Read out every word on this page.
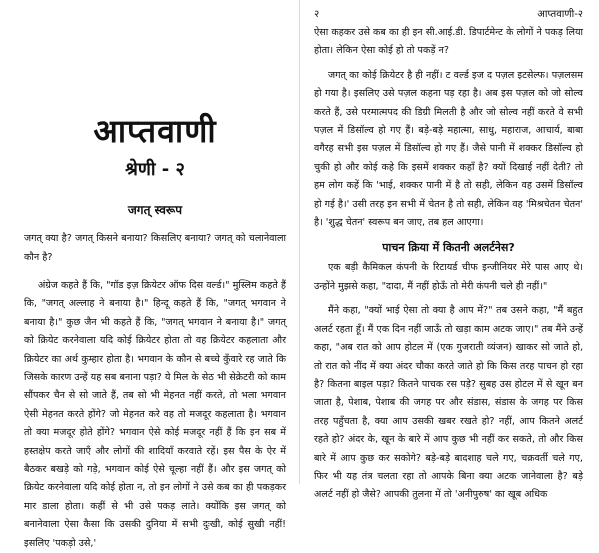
आप्तवाणी
श्रेणी - २
जगत् स्वरूप

जगत् क्या है? जगत् किसने बनाया? किसलिए बनाया? जगत् को चलानेवाला कौन है?

अंग्रेज कहते हैं कि, "गॉड इज़ क्रियेटर ऑफ दिस वर्ल्ड।" मुस्लिम कहते हैं कि, "जगत् अल्लाह ने बनाया है।" हिन्दू कहते हैं कि, "जगत् भगवान ने बनाया है।" कुछ जैन भी कहते हैं कि, "जगत् भगवान ने बनाया है।" जगत् को क्रियेट करनेवाला यदि कोई क्रियेटर होता तो वह क्रियेटर कहलाता और क्रियेटर का अर्थ कुम्हार होता है। भगवान के कौन से बच्चे कुँवारे रह जाते कि जिसके कारण उन्हें यह सब बनाना पड़ा? ये मिल के सेठ भी सेक्रेटरी को काम सौंपकर चैन से सो जाते हैं, तब सो भी मेहनत नहीं करते, तो भला भगवान ऐसी मेहनत करते होंगे? जो मेहनत करे वह तो मजदूर कहलाता है। भगवान तो क्या मजदूर होते होंगे? भगवान ऐसे कोई मजदूर नहीं हैं कि इन सब में हस्तक्षेप करते जाएँ और लोगों की शादियाँ करवाते रहें। इस पैस के ऐर में बैठकर बखड़े को गड़े, भगवान कोई ऐसे चूल्हा नहीं हैं। और इस जगत् को क्रियेट करनेवाला यदि कोई होता न, तो इन लोगों ने उसे कब का ही पकड़कर मार डाला होता। कहीं से भी उसे पकड़ लाते। क्योंकि इस जगत् को बनानेवाला ऐसा कैसा कि उसकी दुनिया में सभी दुःखी, कोई सुखी नहीं! इसलिए 'पकड़ो उसे,'

२	आप्तवाणी-२

ऐसा कहकर उसे कब का ही इन सी.आई.डी. डिपार्टमेन्ट के लोगों ने पकड़ लिया होता। लेकिन ऐसा कोई हो तो पकड़ें न?

जगत् का कोई क्रियेटर है ही नहीं। ट वर्ल्ड इज द पज़ल इटसेल्फ। पज़लसम हो गया है। इसलिए उसे पज़ल कहना पड़ रहा है। अब इस पज़ल को जो सोल्व करते हैं, उसे परमात्मपद की डिग्री मिलती है और जो सोल्व नहीं करते वे सभी पज़ल में डिसॉल्व हो गए हैं। बड़े-बड़े महात्मा, साधु, महाराज, आचार्य, बाबा वगैरह सभी इस पज़ल में डिसॉल्व हो गए हैं। जैसे पानी में शक्कर डिसॉल्व हो चुकी हो और कोई कहे कि इसमें शक्कर कहाँ है? क्यों दिखाई नहीं देती? तो हम लोग कहें कि 'भाई, शक्कर पानी में है तो सही, लेकिन वह उसमें डिसॉल्व हो गई है।' उसी तरह इन सभी में चेतन है तो सही, लेकिन वह 'मिश्रचेतन चेतन' है। 'शुद्ध चेतन' स्वरूप बन जाए, तब हल आएगा।

पाचन क्रिया में कितनी अलर्टनेस?

एक बड़ी कैमिकल कंपनी के रिटायर्ड चीफ इन्जीनियर मेरे पास आए थे। उन्होंने मुझसे कहा, "दादा, मैं नहीं होऊँ तो मेरी कंपनी चले ही नहीं।"

मैंने कहा, "क्यों भाई ऐसा तो क्या है आप में?" तब उसने कहा, "मैं बहुत अलर्ट रहता हूँ। मैं एक दिन नहीं जाऊँ तो खड़ा काम अटक जाए।" तब मैंने उन्हें कहा, "अब रात को आप होटल में (एक गुजराती व्यंजन) खाकर सो जाते हो, तो रात को नींद में क्या अंदर चौका करते जाते हो कि किस तरह पाचन हो रहा है? कितना बाइल पड़ा? कितने पाचक रस पड़े? सुबह उस होटल में से खून बन जाता है, पेशाब, पेशाब की जगह पर और संडास, संडास के जगह पर किस तरह पहुँचता है, क्या आप उसकी खबर रखते हो? नहीं, आप कितने अलर्ट रहते हो? अंदर के, खून के बारे में आप कुछ भी नहीं कर सकते, तो और किस बारे में आप कुछ कर सकोगे? बड़े-बड़े बादशाह चले गए, चक्रवर्ती चले गए, फिर भी यह तंत्र चलता रहा तो आपके बिना क्या अटक जानेवाला है? बड़े अलर्ट नहीं हो जैसे? आपकी तुलना में तो 'अनीपुरुष' का खूब अधिक
